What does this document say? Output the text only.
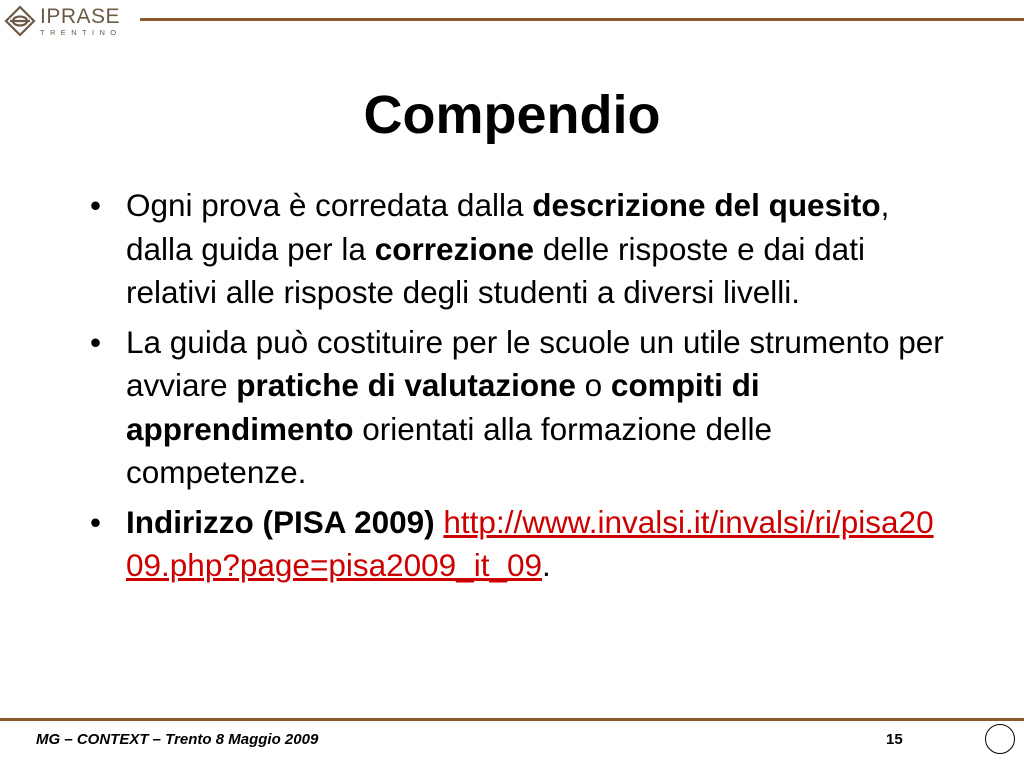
IPRASE
TRENTINO
Compendio
• Ogni prova è corredata dalla descrizione del quesito, dalla guida per la correzione delle risposte e dai dati relativi alle risposte degli studenti a diversi livelli.
• La guida può costituire per le scuole un utile strumento per avviare pratiche di valutazione o compiti di apprendimento orientati alla formazione delle competenze.
• Indirizzo (PISA 2009) http://www.invalsi.it/invalsi/ri/pisa2009.php?page=pisa2009_it_09.
MG – CONTEXT – Trento 8 Maggio 2009	15
